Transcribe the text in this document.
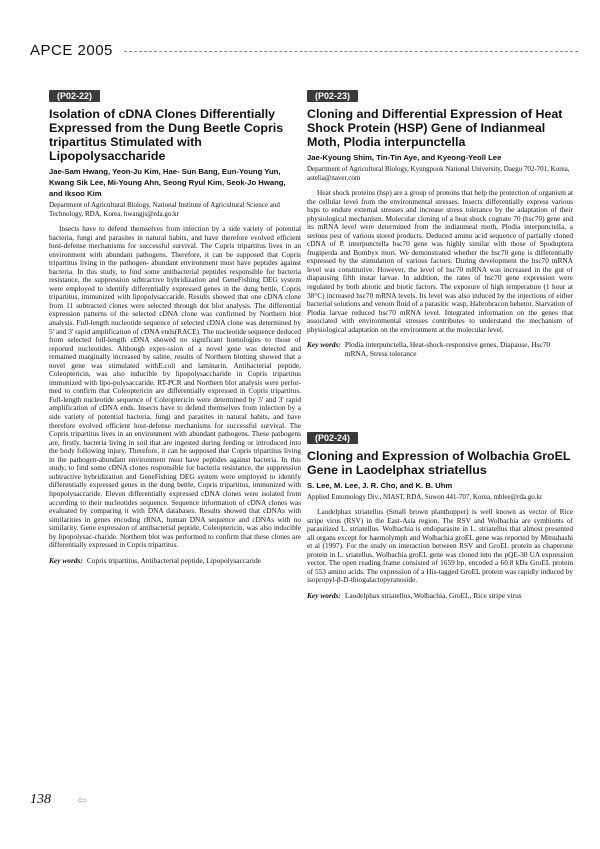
APCE 2005
(P02-22)
Isolation of cDNA Clones Differentially Expressed from the Dung Beetle Copris tripartitus Stimulated with Lipopolysaccharide
Jae-Sam Hwang, Yeon-Ju Kim, Hae- Sun Bang, Eun-Young Yun, Kwang Sik Lee, Mi-Young Ahn, Seong Ryul Kim, Seok-Jo Hwang, and Iksoo Kim
Department of Agricultural Biology, National Institute of Agricultural Science and Technology, RDA, Korea, hwangjs@rda.go.kr

Insects have to defend themselves from infection by a side variety of potential bacteria, fungi and parasites in natural habits, and have therefore evolved efficient host-defense mechanisms for successful survival. The Copris tripartitus lives in an environment with abundant pathogens. Therefore, it can be supposed that Copris tripartitus living in the pathogen- abundant environment must have peptides against bacteria. In this study, to find some antibacterial peptides responsible for bacteria resistance, the suppression subtractive hybridization and GeneFishing DEG system were employed to identify differentially expressed genes in the dung bettle, Copris tripartitus, immunized with lipopolysaccaride. Results showed that one cDNA clone from 11 subtracted clones were selected through dot blot analysis. The differential expression patterns of the selected cDNA clone was confirmed by Northern blot analysis. Full-length nucleotide sequence of selected cDNA clone was determined by 5' and 3' rapid amplification of cDNA ends(RACE). The nucleotide sequence deduced from selected full-length cDNA showed no significant homologies to those of reported nucleotides. Although expre-ssion of a novel gene was detected and remained marginally increased by saline, results of Northern blotting showed that a novel gene was stimulated withE.coli and laminarin. Antibacterial peptide, Coleoptericin, was also inducible by lipopolysaccharide in Copris tripartitus immunized with lipo-polysaccaride. RT-PCR and Northern blot analysis were perfor-med to confirm that Coleoptericin are differentially expressed in Copris tripartitus. Full-length nucleotide sequence of Coleoptericin were determined by 5' and 3' rapid amplification of cDNA ends. Insects have to defend themselves from infection by a side variety of potential bacteria, fungi and parasites in natural habits, and have therefore evolved efficient host-defense mechanisms for successful survival. The Copris tripartitus lives in an environment with abundant pathogens. These pathogens are, firstly, bacteria living in soil that are ingested during feeding or introduced into the body following injury. Therefore, it can be supposed that Copris tripartitus living in the pathogen-abundant environment must have peptides against bacteria. In this study, to find some cDNA clones responsible for bacteria resistance, the suppression subtractive hybridization and GeneFishing DEG system were employed to identify differentially expressed genes in the dung bettle, Copris tripartitus, immunized with lipopolysaccaride. Eleven differentially expressed cDNA clones were isolated from according to their nucleotides sequence. Sequence information of cDNA clones was evaluated by comparing it with DNA databases. Results showed that cDNAs with similarities in genes encoding rRNA, human DNA sequence and cDNAs with no similarity. Gene expression of antibacterial peptide, Coleoptericin, was also inducible by lipopolysac-charide. Northern blot was performed to confirm that these clones are differentially expressed in Copris tripartitus.

Key words: Copris tripartitus, Antibacterial peptide, Lipopolysaccaride
(P02-23)
Cloning and Differential Expression of Heat Shock Protein (HSP) Gene of Indianmeal Moth, Plodia interpunctella
Jae-Kyoung Shim, Tin-Tin Aye, and Kyeong-Yeoll Lee
Department of Agricultural Biology, Kyungpook National University, Daegu 702-701, Korea, astelia@naver.com

Heat shock proteins (hsp) are a group of proteins that help the protection of organism at the cellular level from the environmental stresses. Insects differentially express various hsps to endure external stresses and increase stress tolerance by the adaptation of their physiological mechanism. Molecular cloning of a heat shock cognate 70 (hsc70) gene and its mRNA level were determined from the indianmeal moth, Plodia interpunctella, a serious pest of various stored products. Deduced amino acid sequence of partially cloned cDNA of P. interpunctella hsc70 gene was highly similar with those of Spodoptera frugiperda and Bombyx mori. We demonstrated whether the hsc70 gene is differentially expressed by the stimulation of various factors. During development the hsc70 mRNA level was constitutive. However, the level of hsc70 mRNA was increased in the gut of diapausing fifth instar larvae. In addition, the rates of hsc70 gene expression were regulated by both abiotic and biotic factors. The exposure of high temperature (1 hour at 38°C) increased hsc70 mRNA levels. Its level was also induced by the injections of either bacterial solutions and venom fluid of a parasitic wasp, Habrobracon hebetor. Starvation of Plodia larvae reduced hsc70 mRNA level. Integrated information on the genes that associated with environmental stresses contributes to understand the mechanism of physiological adaptation on the environment at the molecular level.

Key words: Plodia interpunctella, Heat-shock-responsive genes, Diapause, Hsc70 mRNA, Stress tolerance
(P02-24)
Cloning and Expression of Wolbachia GroEL Gene in Laodelphax striatellus
S. Lee, M. Lee, J. R. Cho, and K. B. Uhm
Applied Entomology Div., NIAST, RDA, Suwon 441-707, Korea, mhlee@rda.go.kr

Laodelphax striatellus (Small brown planthopper) is well known as vector of Rice stripe virus (RSV) in the East-Asia region. The RSV and Wolbachia are symbionts of parasitized L. striatellus. Wolbachia is endoparasite in L. striatellus that almost presented all organs except for haemolymph and Wolbachia groEL gene was reported by Mitsuhashi et al (1997). For the study on interaction between RSV and GroEL protein as chaperone protein in L. sriatellus, Wolbachia groEL gene was cloned into the pQE-30 UA expression vector. The open reading frame consisted of 1659 bp, encoded a 60.8 kDa GroEL protein of 553 amino acids. The expression of a His-tagged GroEL protein was rapidly induced by isopropyl-β-D-thiogalactopyranoside.

Key words: Laodelphax striatellus, Wolbachia, GroEL, Rice stripe virus
138 ⇦
